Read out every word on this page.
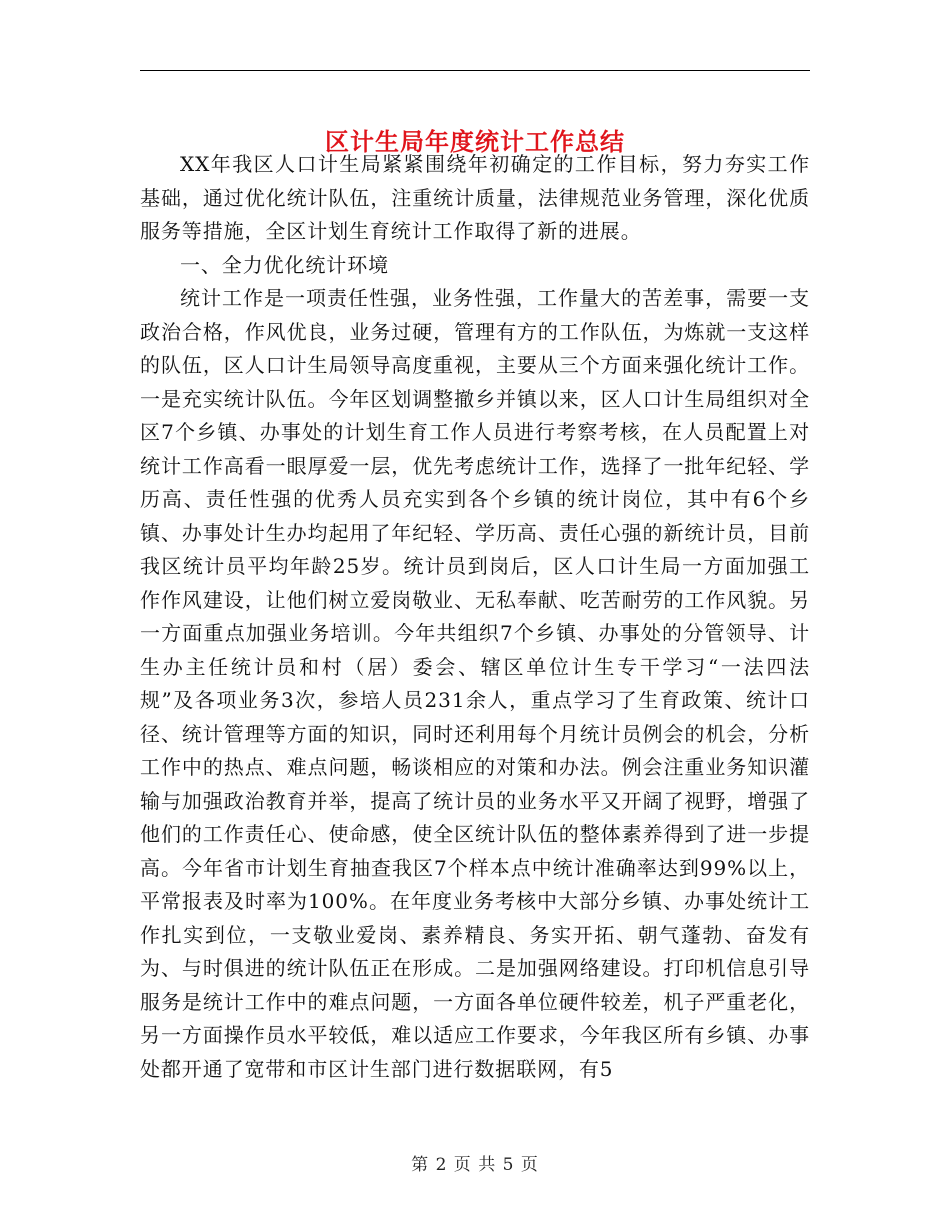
区计生局年度统计工作总结

XX年我区人口计生局紧紧围绕年初确定的工作目标，努力夯实工作基础，通过优化统计队伍，注重统计质量，法律规范业务管理，深化优质服务等措施，全区计划生育统计工作取得了新的进展。

一、全力优化统计环境

统计工作是一项责任性强，业务性强，工作量大的苦差事，需要一支政治合格，作风优良，业务过硬，管理有方的工作队伍，为炼就一支这样的队伍，区人口计生局领导高度重视，主要从三个方面来强化统计工作。一是充实统计队伍。今年区划调整撤乡并镇以来，区人口计生局组织对全区7个乡镇、办事处的计划生育工作人员进行考察考核，在人员配置上对统计工作高看一眼厚爱一层，优先考虑统计工作，选择了一批年纪轻、学历高、责任性强的优秀人员充实到各个乡镇的统计岗位，其中有6个乡镇、办事处计生办均起用了年纪轻、学历高、责任心强的新统计员，目前我区统计员平均年龄25岁。统计员到岗后，区人口计生局一方面加强工作作风建设，让他们树立爱岗敬业、无私奉献、吃苦耐劳的工作风貌。另一方面重点加强业务培训。今年共组织7个乡镇、办事处的分管领导、计生办主任统计员和村（居）委会、辖区单位计生专干学习“一法四法规”及各项业务3次，参培人员231余人，重点学习了生育政策、统计口径、统计管理等方面的知识，同时还利用每个月统计员例会的机会，分析工作中的热点、难点问题，畅谈相应的对策和办法。例会注重业务知识灌输与加强政治教育并举，提高了统计员的业务水平又开阔了视野，增强了他们的工作责任心、使命感，使全区统计队伍的整体素养得到了进一步提高。今年省市计划生育抽查我区7个样本点中统计准确率达到99%以上，平常报表及时率为100%。在年度业务考核中大部分乡镇、办事处统计工作扎实到位，一支敬业爱岗、素养精良、务实开拓、朝气蓬勃、奋发有为、与时俱进的统计队伍正在形成。二是加强网络建设。打印机信息引导服务是统计工作中的难点问题，一方面各单位硬件较差，机子严重老化，另一方面操作员水平较低，难以适应工作要求，今年我区所有乡镇、办事处都开通了宽带和市区计生部门进行数据联网，有5

第 2 页 共 5 页
